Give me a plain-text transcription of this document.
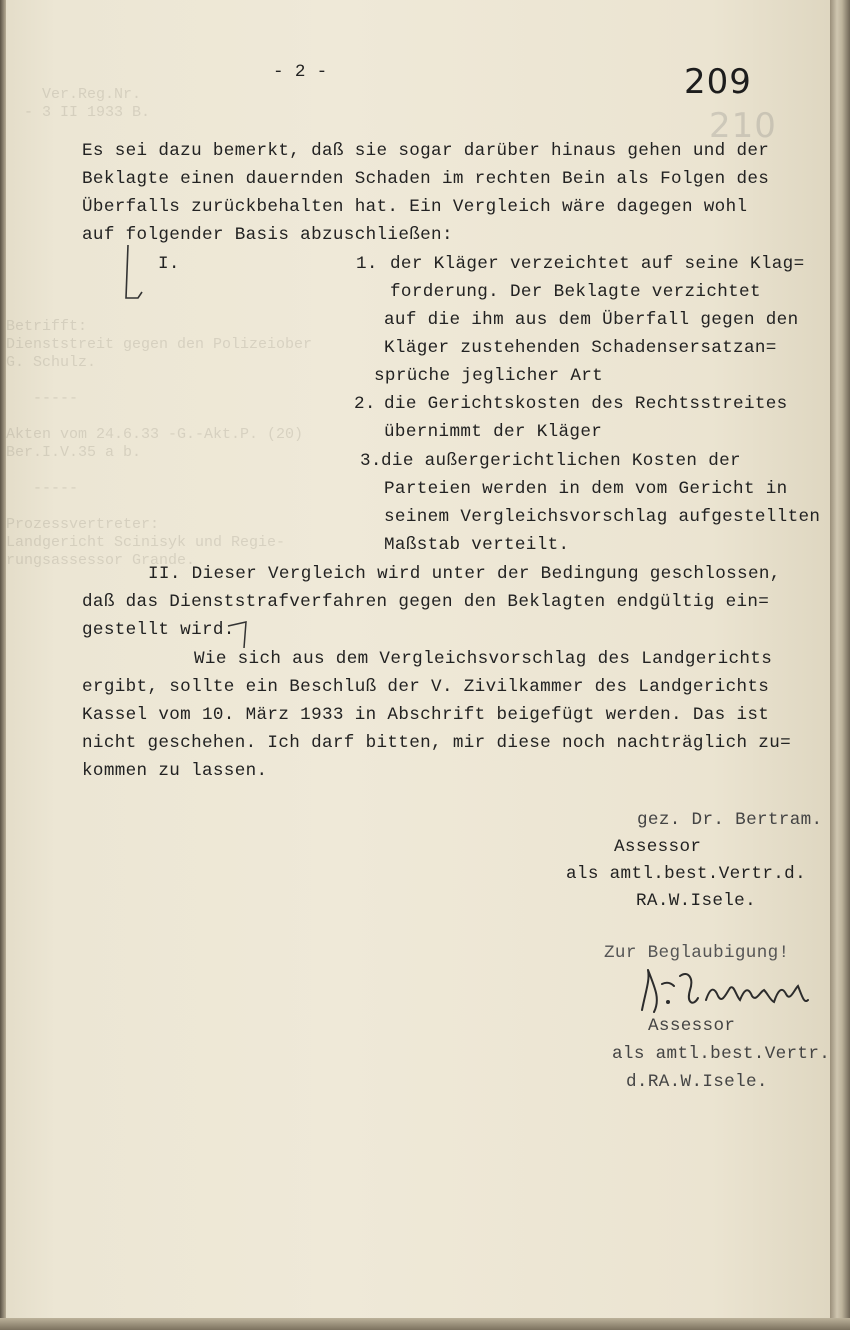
Ver.Reg.Nr.
- 3 II 1933 B.
Betrifft:
Dienststreit gegen den Polizeiober
G. Schulz.

-----

Akten vom 24.6.33 -G.-Akt.P. (20)
Ber.I.V.35 a b.

-----

Prozessvertreter:
Landgericht Scinisyk und Regie-
rungsassessor Grande.
- 2 -	209
210
Es sei dazu bemerkt, daß sie sogar darüber hinaus gehen und der
Beklagte einen dauernden Schaden im rechten Bein als Folgen des
Überfalls zurückbehalten hat. Ein Vergleich wäre dagegen wohl
auf folgender Basis abzuschließen:
I.	1. der Kläger verzeichtet auf seine Klag=
forderung. Der Beklagte verzichtet
auf die ihm aus dem Überfall gegen den
Kläger zustehenden Schadensersatzan=
sprüche jeglicher Art
2. die Gerichtskosten des Rechtsstreites
übernimmt der Kläger
3. die außergerichtlichen Kosten der
Parteien werden in dem vom Gericht in
seinem Vergleichsvorschlag aufgestellten
Maßstab verteilt.
II. Dieser Vergleich wird unter der Bedingung geschlossen,
daß das Dienststrafverfahren gegen den Beklagten endgültig ein=
gestellt wird.
Wie sich aus dem Vergleichsvorschlag des Landgerichts
ergibt, sollte ein Beschluß der V. Zivilkammer des Landgerichts
Kassel vom 10. März 1933 in Abschrift beigefügt werden. Das ist
nicht geschehen. Ich darf bitten, mir diese noch nachträglich zu=
kommen zu lassen.
gez. Dr. Bertram.
Assessor
als amtl.best.Vertr.d.
RA.W.Isele.
Zur Beglaubigung!
Assessor
als amtl.best.Vertr.
d.RA.W.Isele.
